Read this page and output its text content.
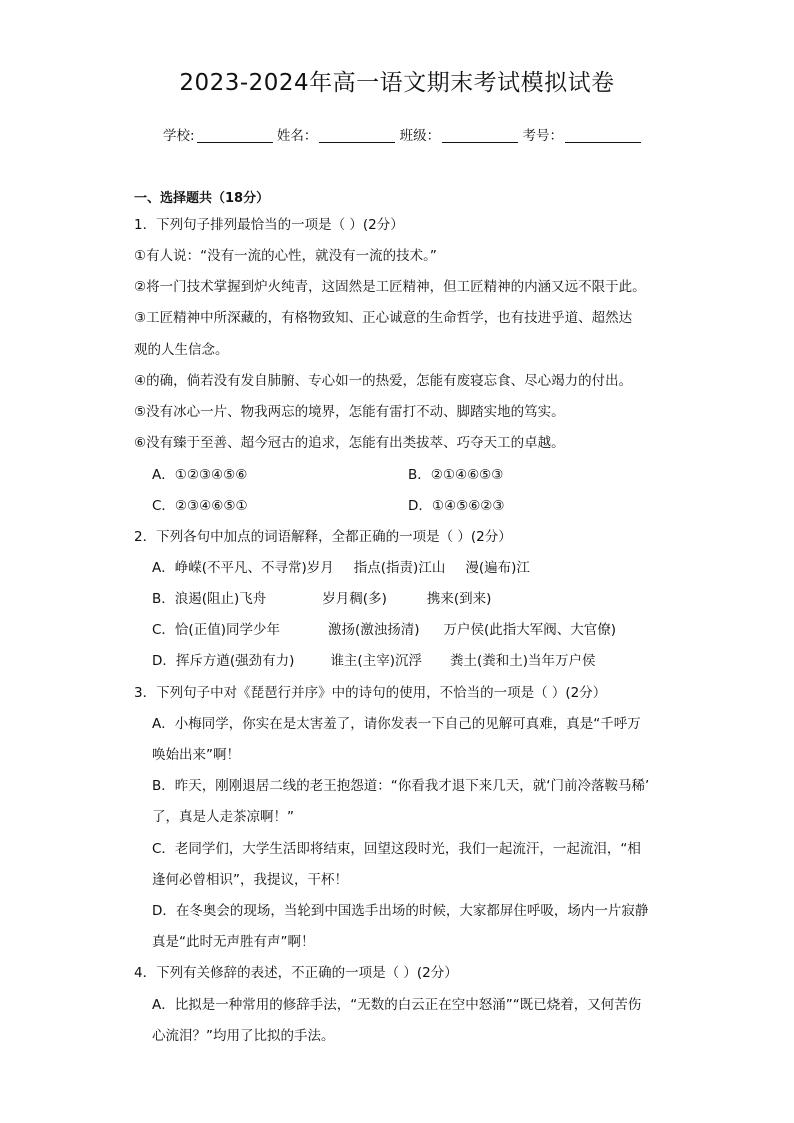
2023-2024年高一语文期末考试模拟试卷
学校:	姓名：	班级：	考号：
一、选择题共（18分）
1．下列句子排列最恰当的一项是（ ）(2分）
①有人说：“没有一流的心性，就没有一流的技术。”
②将一门技术掌握到炉火纯青，这固然是工匠精神，但工匠精神的内涵又远不限于此。
③工匠精神中所深藏的，有格物致知、正心诚意的生命哲学，也有技进乎道、超然达
观的人生信念。
④的确，倘若没有发自肺腑、专心如一的热爱，怎能有废寝忘食、尽心竭力的付出。
⑤没有冰心一片、物我两忘的境界，怎能有雷打不动、脚踏实地的笃实。
⑥没有臻于至善、超今冠古的追求，怎能有出类拔萃、巧夺天工的卓越。
A．①②③④⑤⑥	B．②①④⑥⑤③
C．②③④⑥⑤①	D．①④⑤⑥②③
2．下列各句中加点的词语解释，全都正确的一项是（ ）(2分）
A．峥嵘(不平凡、不寻常)岁月 指点(指责)江山 漫(遍布)江
B．浪遏(阻止)飞舟	岁月稠(多)	携来(到来)
C．恰(正值)同学少年	激扬(激浊扬清) 万户侯(此指大军阀、大官僚)
D．挥斥方遒(强劲有力)	谁主(主宰)沉浮 粪土(粪和土)当年万户侯
3．下列句子中对《琵琶行并序》中的诗句的使用，不恰当的一项是（ ）(2分）
A．小梅同学，你实在是太害羞了，请你发表一下自己的见解可真难，真是“千呼万
唤始出来”啊！
B．昨天，刚刚退居二线的老王抱怨道：“你看我才退下来几天，就‘门前冷落鞍马稀’
了，真是人走茶凉啊！”
C．老同学们，大学生活即将结束，回望这段时光，我们一起流汗，一起流泪，“相
逢何必曾相识”，我提议，干杯！
D．在冬奥会的现场，当轮到中国选手出场的时候，大家都屏住呼吸，场内一片寂静
真是“此时无声胜有声”啊！
4．下列有关修辞的表述，不正确的一项是（ ）(2分）
A．比拟是一种常用的修辞手法，“无数的白云正在空中怒涌”“既已烧着，又何苦伤
心流泪？”均用了比拟的手法。
